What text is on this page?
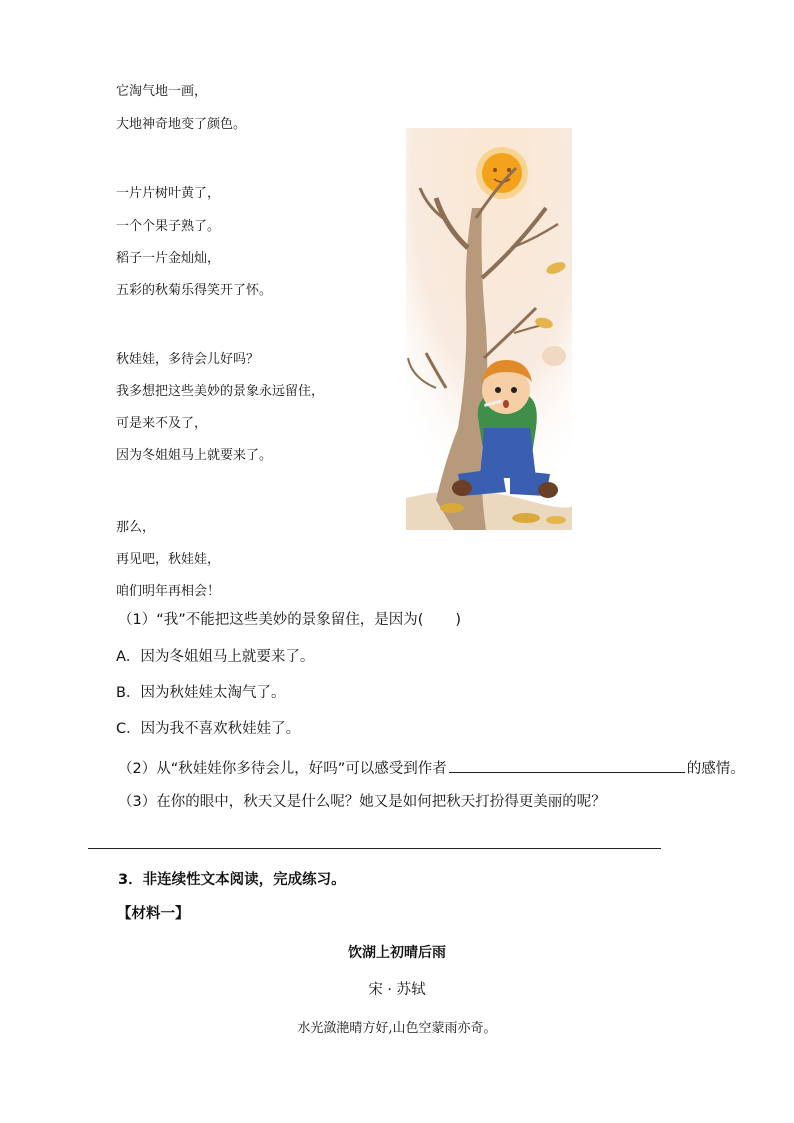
它淘气地一画，
大地神奇地变了颜色。
一片片树叶黄了，
一个个果子熟了。
稻子一片金灿灿，
五彩的秋菊乐得笑开了怀。
秋娃娃，多待会儿好吗？
我多想把这些美妙的景象永远留住，
可是来不及了，
因为冬姐姐马上就要来了。
那么，
再见吧，秋娃娃，
咱们明年再相会！
（1）“我”不能把这些美妙的景象留住，是因为( )
A．因为冬姐姐马上就要来了。
B．因为秋娃娃太淘气了。
C．因为我不喜欢秋娃娃了。
（2）从“秋娃娃你多待会儿，好吗”可以感受到作者	的感情。
（3）在你的眼中，秋天又是什么呢？她又是如何把秋天打扮得更美丽的呢？
3．非连续性文本阅读，完成练习。
【材料一】
饮湖上初晴后雨
宋 · 苏轼
水光潋滟晴方好,山色空蒙雨亦奇。
